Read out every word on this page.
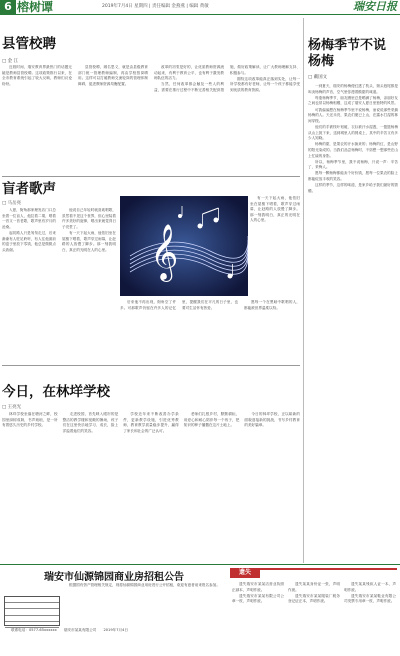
6 榕树谭	2019年7月4日 星期四 | 责任编辑 金燕燕 | 编辑 黄敏	瑞安日报
县管校聘
□ 金 江

近段时间，瑞安教育界最热门的话题无疑是教师县管校聘。这项政策推行以来，在全市教育系统引起了较大反响，教师们议论纷纷。

县管校聘，顾名思义，就是由县级教育部门统一管理教师编制，再由学校按岗聘用。这样可以打破教师交流轮岗的管理体制障碍，促进教师资源均衡配置。

改革的初衷是好的，让优质教师资源流动起来，有利于教育公平，也有利于激发教师队伍的活力。

当然，任何改革都会触及一些人的利益，需要在推行过程中不断完善相关配套措施，做好政策解读，让广大教师理解支持、积极参与。

期待这项改革能真正落到实处，让每一所学校都有好老师，让每一个孩子都能享受到优质的教育资源。

盲者歌声
□ 马岳亮

入夏，街角那家理发店门口总坐着一位盲人，他拉着二胡，唱着一首又一首老歌，歌声里有岁月的沧桑。

起初路人只是匆匆走过，后来渐渐有人驻足聆听，有人往他面前的盒子里放下零钱，他总是微微点头致谢。

他说自己年轻时就喜欢唱歌，虽然看不见这个世界，但心里装着许多美好的旋律，唱出来就觉得日子亮堂了。

有一天下起大雨，他依旧坐在屋檐下唱着，歌声穿过雨幕，让赶路的人放慢了脚步。那一刻我明白，真正的光明在人的心里。 𝄞

后来他不再出现，街角空了许多。可那歌声仍留在许多人的记忆里，提醒我们在平凡的日子里，也要对生活怀有热爱。

愿每一个在黑暗中歌唱的人，都能被世界温柔以待。

有一天下起大雨，他依旧坐在屋檐下唱着，歌声穿过雨幕，让赶路的人放慢了脚步。那一刻我明白，真正的光明在人的心里。

今日，在林垟学校
□ 王亮光

林垟学校坐落在塘河之畔，校园里绿树成荫，书声琅琅，是一所有着悠久历史的乡村学校。

走进校园，首先映入眼帘的是整洁的教学楼和宽敞的操场，孩子们在这里快乐地学习、成长，脸上洋溢着灿烂的笑容。

学校近年来不断改善办学条件，更新教学设施，引进优秀教师，教育教学质量稳步提升，赢得了家长和社会的广泛认可。

老师们扎根乡村，默默耕耘，用爱心和耐心陪伴每一个孩子，把知识的种子播撒在这片土地上。

今日的林垟学校，正以崭新的面貌迎接新的挑战，书写乡村教育的美好篇章。

杨梅季节不说杨梅
□ 戴国文

一到夏天，瑞安的杨梅便红透了枝头，街头巷尾都是叫卖杨梅的声音，空气里弥漫着酸甜的味道。

每逢杨梅季节，朋友圈里总是晒满了杨梅，亲朋好友之间也常以杨梅相赠，这成了瑞安人夏日里独特的风景。

可我偏偏想在杨梅季节里不说杨梅，而说说那些采摘杨梅的人。天还未亮，果农们便已上山，在露水打湿的林间穿梭。

他们的手被枝叶划破，衣衫被汗水湿透，一篮篮杨梅从山上挑下来，送到城里人的餐桌上，其中的辛苦又有多少人知晓。

杨梅的甜，是果农的汗水换来的；杨梅的红，是山野的阳光染成的。当我们品尝杨梅时，不妨想一想那些在山上忙碌的身影。

所以，杨梅季节里，我不说杨梅，只说一声：辛苦了，采梅人。

愿每一颗杨梅都能卖个好价钱，愿每一位果农的脸上都能绽放丰收的笑容。

这样的季节，这样的味道，是家乡给予我们最好的馈赠。

瑞安市仙源锦园商业房招租公告

根据国有资产管理相关规定，现将仙源锦园商业用房进行公开招租，欢迎有意者前来报名参加。

联系电话：0577-65xxxxxx　　瑞安市某某有限公司　　2019年7月4日

遗失

遗失瑞安市某某店营业执照正副本，声明作废。

遗失瑞安市某某有限公司公章一枚，声明作废。

遗失某某身份证一张，声明作废。

遗失瑞安市某某服装厂税务登记证正本，声明作废。

遗失某某残疾人证一本，声明作废。

遗失瑞安市某某鞋业有限公司发票专用章一枚，声明作废。
